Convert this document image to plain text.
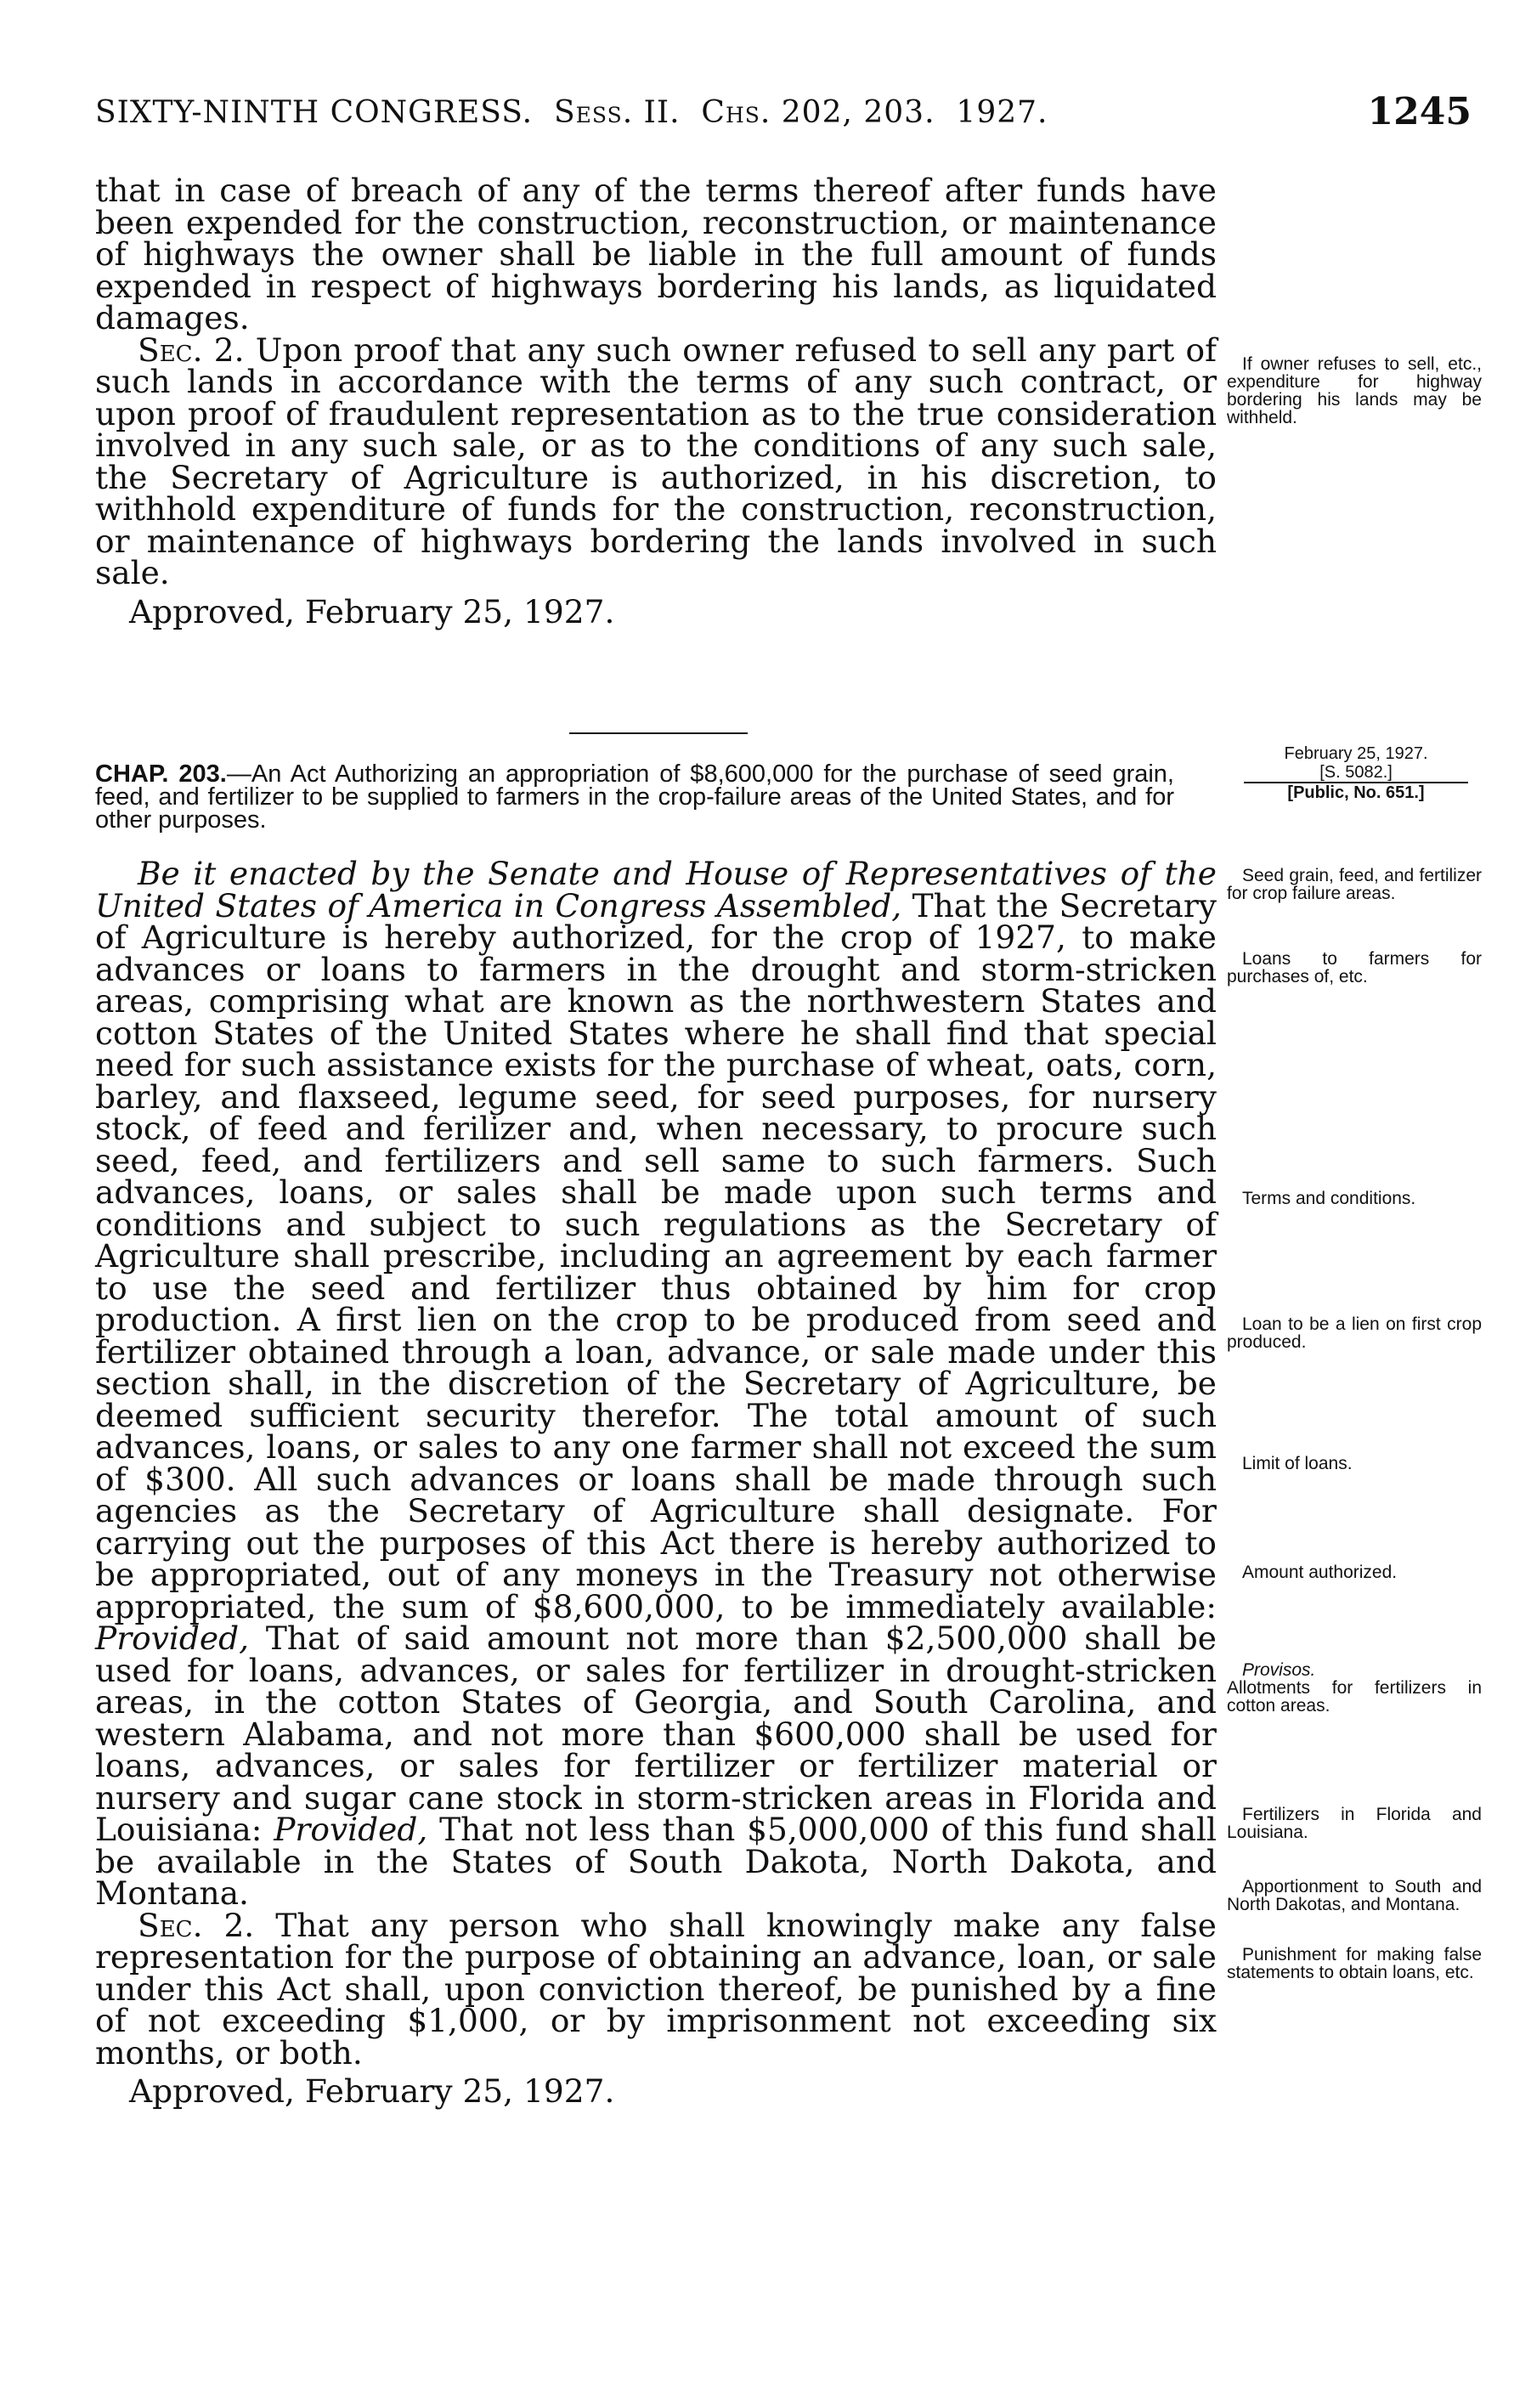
SIXTY-NINTH CONGRESS. Sess. II. Chs. 202, 203. 1927.	1245

that in case of breach of any of the terms thereof after funds have been expended for the construction, reconstruction, or maintenance of highways the owner shall be liable in the full amount of funds expended in respect of highways bordering his lands, as liquidated damages.

Sec. 2. Upon proof that any such owner refused to sell any part of such lands in accordance with the terms of any such contract, or upon proof of fraudulent representation as to the true consideration involved in any such sale, or as to the conditions of any such sale, the Secretary of Agriculture is authorized, in his discretion, to withhold expenditure of funds for the construction, reconstruction, or maintenance of highways bordering the lands involved in such sale.

Approved, February 25, 1927.

If owner refuses to sell, etc., expenditure for highway bordering his lands may be withheld.
February 25, 1927.
[S. 5082.]
[Public, No. 651.]

CHAP. 203.—An Act Authorizing an appropriation of $8,600,000 for the purchase of seed grain, feed, and fertilizer to be supplied to farmers in the crop-failure areas of the United States, and for other purposes.

Be it enacted by the Senate and House of Representatives of the United States of America in Congress Assembled, That the Secretary of Agriculture is hereby authorized, for the crop of 1927, to make advances or loans to farmers in the drought and storm-stricken areas, comprising what are known as the northwestern States and cotton States of the United States where he shall find that special need for such assistance exists for the purchase of wheat, oats, corn, barley, and flaxseed, legume seed, for seed purposes, for nursery stock, of feed and ferilizer and, when necessary, to procure such seed, feed, and fertilizers and sell same to such farmers. Such advances, loans, or sales shall be made upon such terms and conditions and subject to such regulations as the Secretary of Agriculture shall prescribe, including an agreement by each farmer to use the seed and fertilizer thus obtained by him for crop production. A first lien on the crop to be produced from seed and fertilizer obtained through a loan, advance, or sale made under this section shall, in the discretion of the Secretary of Agriculture, be deemed sufficient security therefor. The total amount of such advances, loans, or sales to any one farmer shall not exceed the sum of $300. All such advances or loans shall be made through such agencies as the Secretary of Agriculture shall designate. For carrying out the purposes of this Act there is hereby authorized to be appropriated, out of any moneys in the Treasury not otherwise appropriated, the sum of $8,600,000, to be immediately available: Provided, That of said amount not more than $2,500,000 shall be used for loans, advances, or sales for fertilizer in drought-stricken areas, in the cotton States of Georgia, and South Carolina, and western Alabama, and not more than $600,000 shall be used for loans, advances, or sales for fertilizer or fertilizer material or nursery and sugar cane stock in storm-stricken areas in Florida and Louisiana: Provided, That not less than $5,000,000 of this fund shall be available in the States of South Dakota, North Dakota, and Montana.

Sec. 2. That any person who shall knowingly make any false representation for the purpose of obtaining an advance, loan, or sale under this Act shall, upon conviction thereof, be punished by a fine of not exceeding $1,000, or by imprisonment not exceeding six months, or both.

Approved, February 25, 1927.

Seed grain, feed, and fertilizer for crop failure areas.
Loans to farmers for purchases of, etc.
Terms and conditions.
Loan to be a lien on first crop produced.
Limit of loans.
Amount authorized.
Provisos.
Allotments for fertilizers in cotton areas.
Fertilizers in Florida and Louisiana.
Apportionment to South and North Dakotas, and Montana.
Punishment for making false statements to obtain loans, etc.
